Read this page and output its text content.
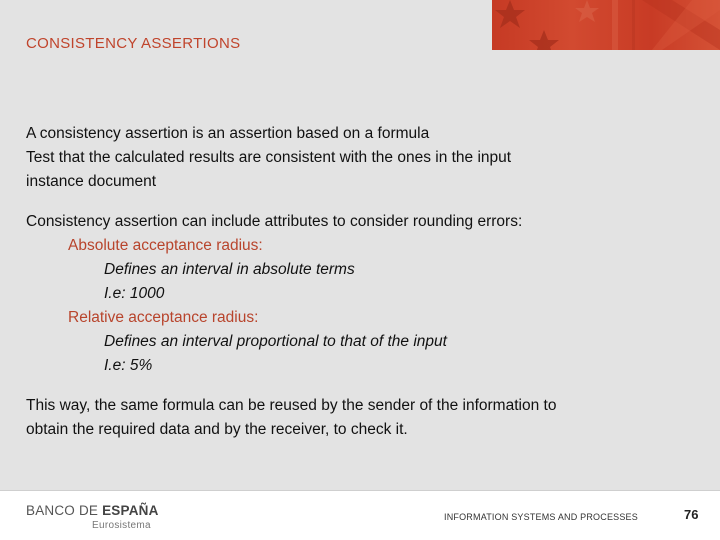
CONSISTENCY ASSERTIONS
A consistency assertion is an assertion based on a formula
Test that the calculated results are consistent with the ones in the input
instance document
Consistency assertion can include attributes to consider rounding errors:
Absolute acceptance radius:
Defines an interval in absolute terms
I.e: 1000
Relative acceptance radius:
Defines an interval proportional to that of the input
I.e: 5%
This way, the same formula can be reused by the sender of the information to
obtain the required data and by the receiver, to check it.
BANCO DE ESPAÑA
Eurosistema
INFORMATION SYSTEMS AND PROCESSES	76
